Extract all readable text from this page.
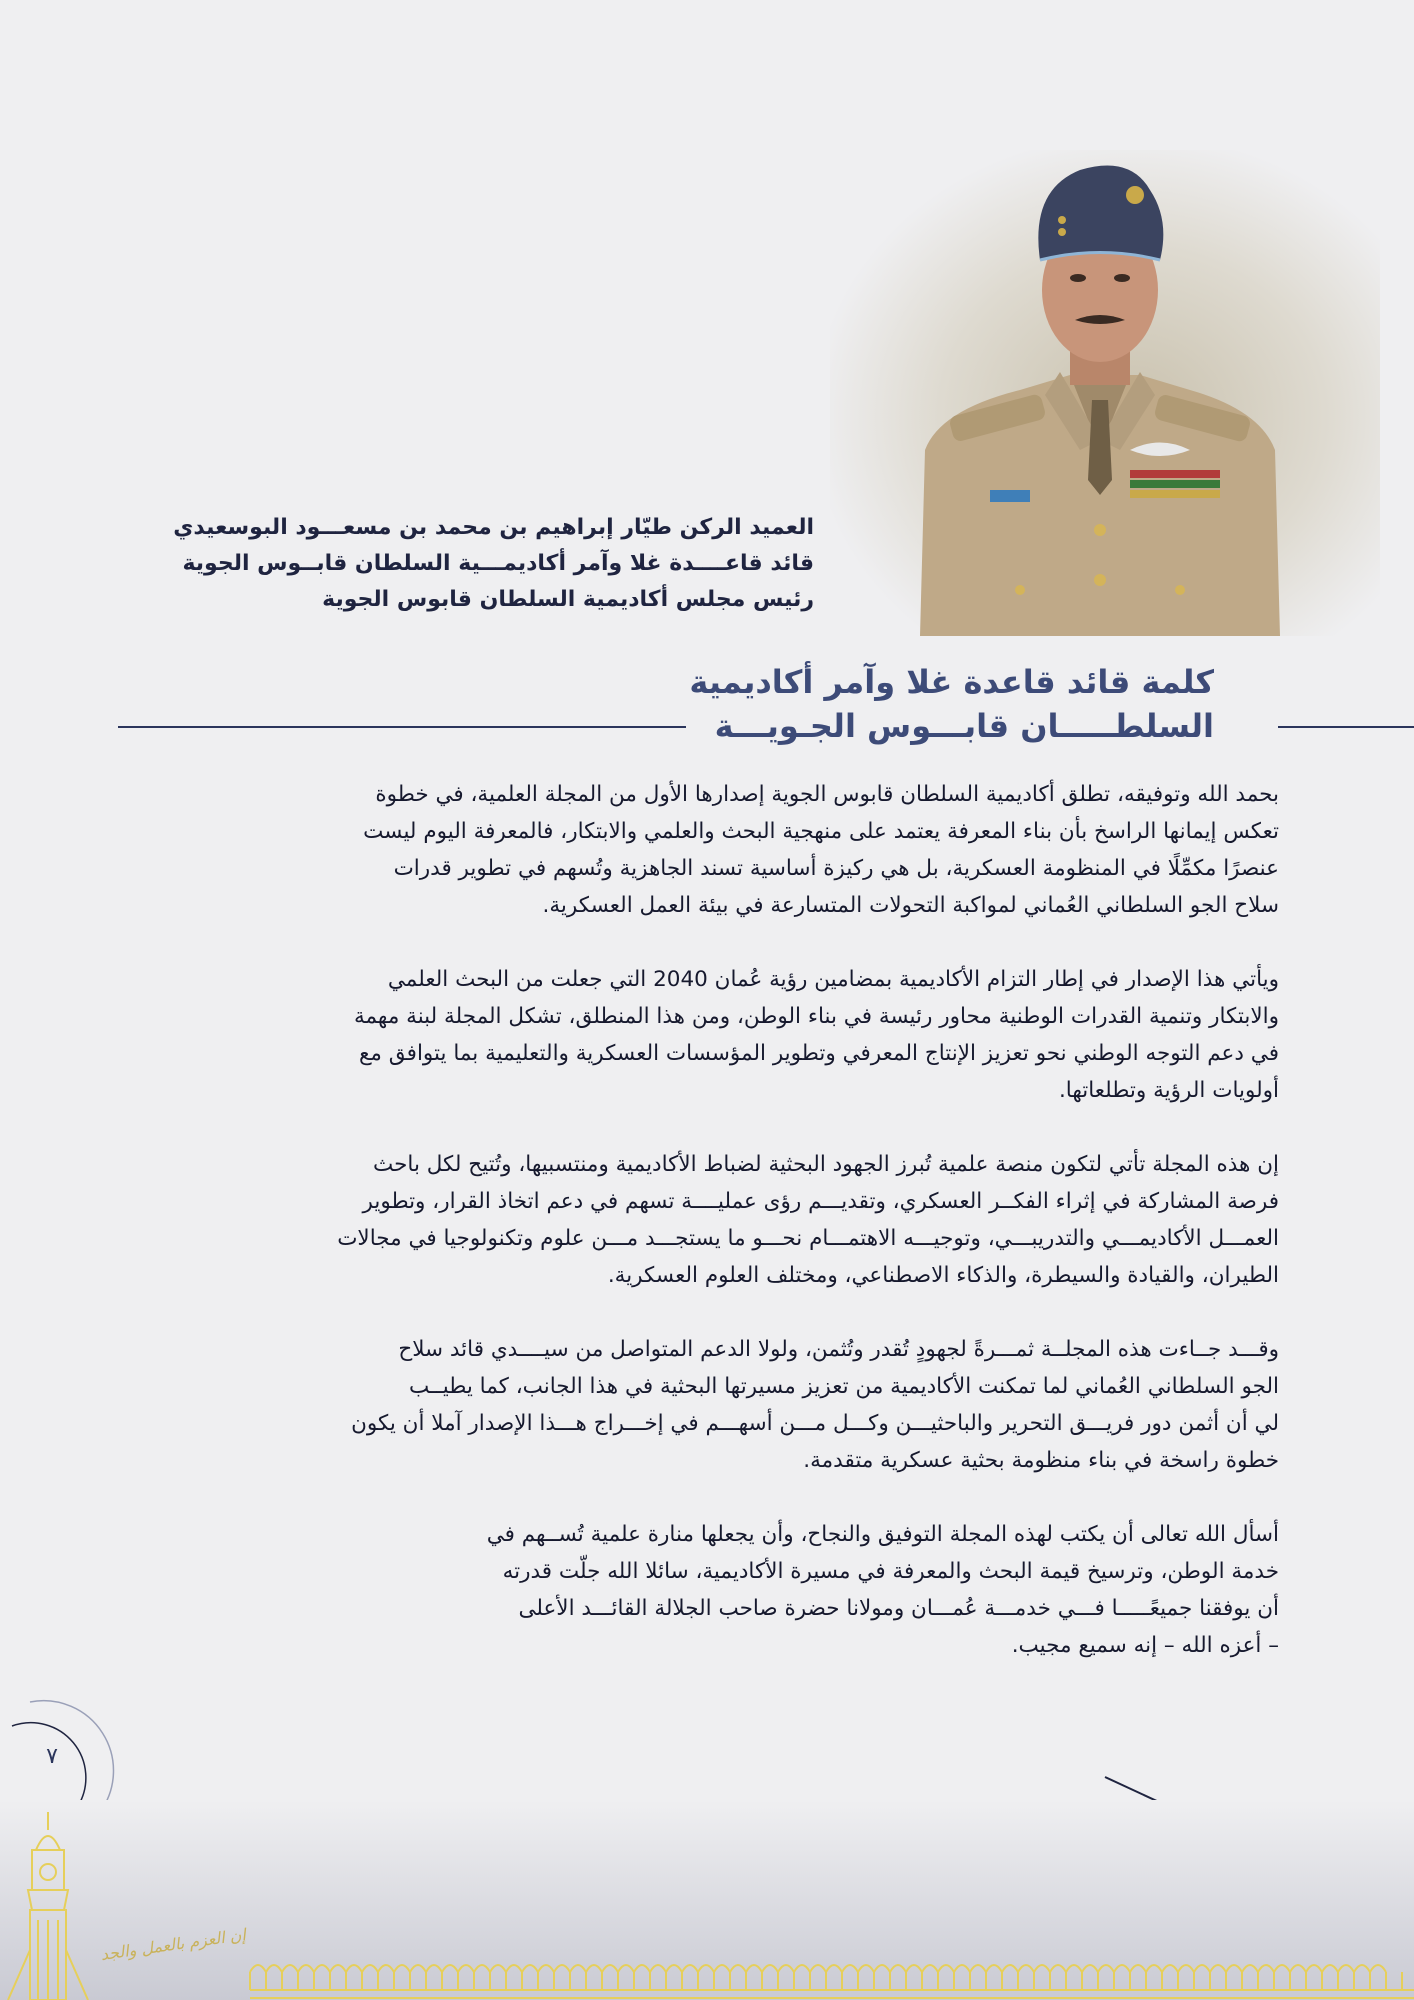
العميد الركن طيّار إبراهيم بن محمد بن مسعـــود البوسعيدي
قائد قاعــــدة غلا وآمر أكاديمـــية السلطان قابــوس الجوية
رئيس مجلس أكاديمية السلطان قابوس الجوية
كلمة قائد قاعدة غلا وآمر أكاديمية
السلطـــــان قابـــوس الجـويـــة
بحمد الله وتوفيقه، تطلق أكاديمية السلطان قابوس الجوية إصدارها الأول من المجلة العلمية، في خطوة
تعكس إيمانها الراسخ بأن بناء المعرفة يعتمد على منهجية البحث والعلمي والابتكار، فالمعرفة اليوم ليست
عنصرًا مكمِّلًا في المنظومة العسكرية، بل هي ركيزة أساسية تسند الجاهزية وتُسهم في تطوير قدرات
سلاح الجو السلطاني العُماني لمواكبة التحولات المتسارعة في بيئة العمل العسكرية.
ويأتي هذا الإصدار في إطار التزام الأكاديمية بمضامين رؤية عُمان 2040 التي جعلت من البحث العلمي
والابتكار وتنمية القدرات الوطنية محاور رئيسة في بناء الوطن، ومن هذا المنطلق، تشكل المجلة لبنة مهمة
في دعم التوجه الوطني نحو تعزيز الإنتاج المعرفي وتطوير المؤسسات العسكرية والتعليمية بما يتوافق مع
أولويات الرؤية وتطلعاتها.
إن هذه المجلة تأتي لتكون منصة علمية تُبرز الجهود البحثية لضباط الأكاديمية ومنتسبيها، وتُتيح لكل باحث
فرصة المشاركة في إثراء الفكــر العسكري، وتقديـــم رؤى عمليــــة تسهم في دعم اتخاذ القرار، وتطوير
العمـــل الأكاديمـــي والتدريبـــي، وتوجيـــه الاهتمـــام نحـــو ما يستجـــد مـــن علوم وتكنولوجيا في مجالات
الطيران، والقيادة والسيطرة، والذكاء الاصطناعي، ومختلف العلوم العسكرية.
وقـــد جــاءت هذه المجلــة ثمـــرةً لجهودٍ تُقدر وتُثمن، ولولا الدعم المتواصل من سيــــدي قائد سلاح
الجو السلطاني العُماني لما تمكنت الأكاديمية من تعزيز مسيرتها البحثية في هذا الجانب، كما يطيــب
لي أن أثمن دور فريـــق التحرير والباحثيـــن وكـــل مـــن أسهـــم في إخـــراج هـــذا الإصدار آملا أن يكون
خطوة راسخة في بناء منظومة بحثية عسكرية متقدمة.
أسأل الله تعالى أن يكتب لهذه المجلة التوفيق والنجاح، وأن يجعلها منارة علمية تُســهم في
خدمة الوطن، وترسيخ قيمة البحث والمعرفة في مسيرة الأكاديمية، سائلا الله جلّت قدرته
أن يوفقنا جميعًـــــا فـــي خدمـــة عُمـــان ومولانا حضرة صاحب الجلالة القائـــد الأعلى
– أعزه الله – إنه سميع مجيب.
٧
إن العزم بالعمل والجد
